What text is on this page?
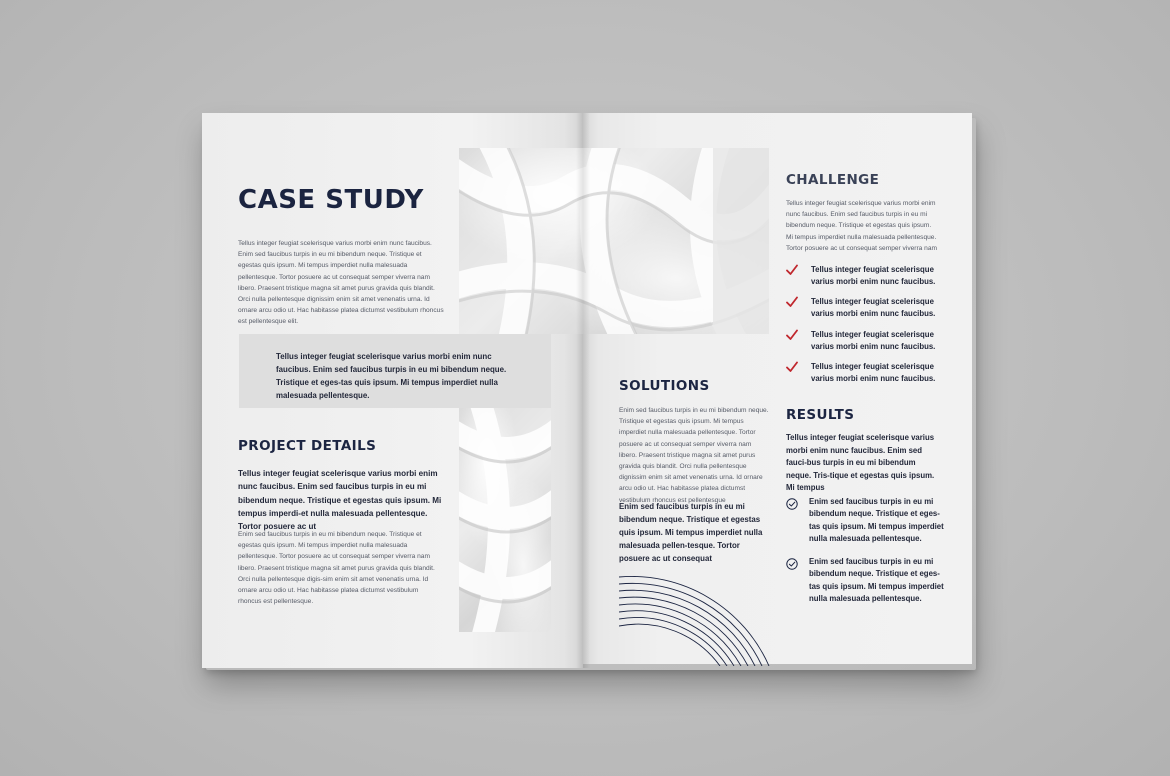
CASE STUDY

Tellus integer feugiat scelerisque varius morbi enim nunc faucibus. Enim sed faucibus turpis in eu mi bibendum neque. Tristique et egestas quis ipsum. Mi tempus imperdiet nulla malesuada pellentesque. Tortor posuere ac ut consequat semper viverra nam libero. Praesent tristique magna sit amet purus gravida quis blandit. Orci nulla pellentesque dignissim enim sit amet venenatis urna. Id ornare arcu odio ut. Hac habitasse platea dictumst vestibulum rhoncus est pellentesque elit.

Tellus integer feugiat scelerisque varius morbi enim nunc faucibus. Enim sed faucibus turpis in eu mi bibendum neque. Tristique et eges-tas quis ipsum. Mi tempus imperdiet nulla malesuada pellentesque.

PROJECT DETAILS

Tellus integer feugiat scelerisque varius morbi enim nunc faucibus. Enim sed faucibus turpis in eu mi bibendum neque. Tristique et egestas quis ipsum. Mi tempus imperdi-et nulla malesuada pellentesque. Tortor posuere ac ut

Enim sed faucibus turpis in eu mi bibendum neque. Tristique et egestas quis ipsum. Mi tempus imperdiet nulla malesuada pellentesque. Tortor posuere ac ut consequat semper viverra nam libero. Praesent tristique magna sit amet purus gravida quis blandit. Orci nulla pellentesque digis-sim enim sit amet venenatis urna. Id ornare arcu odio ut. Hac habitasse platea dictumst vestibulum rhoncus est pellentesque.

CHALLENGE

Tellus integer feugiat scelerisque varius morbi enim nunc faucibus. Enim sed faucibus turpis in eu mi bibendum neque. Tristique et egestas quis ipsum. Mi tempus imperdiet nulla malesuada pellentesque. Tortor posuere ac ut consequat semper viverra nam

Tellus integer feugiat scelerisque varius morbi enim nunc faucibus.
Tellus integer feugiat scelerisque varius morbi enim nunc faucibus.
Tellus integer feugiat scelerisque varius morbi enim nunc faucibus.
Tellus integer feugiat scelerisque varius morbi enim nunc faucibus.
SOLUTIONS

Enim sed faucibus turpis in eu mi bibendum neque. Tristique et egestas quis ipsum. Mi tempus imperdiet nulla malesuada pellentesque. Tortor posuere ac ut consequat semper viverra nam libero. Praesent tristique magna sit amet purus gravida quis blandit. Orci nulla pellentesque dignissim enim sit amet venenatis urna. Id ornare arcu odio ut. Hac habitasse platea dictumst vestibulum rhoncus est pellentesque

Enim sed faucibus turpis in eu mi bibendum neque. Tristique et egestas quis ipsum. Mi tempus imperdiet nulla malesuada pellen-tesque. Tortor posuere ac ut consequat

RESULTS

Tellus integer feugiat scelerisque varius morbi enim nunc faucibus. Enim sed fauci-bus turpis in eu mi bibendum neque. Tris-tique et egestas quis ipsum. Mi tempus

Enim sed faucibus turpis in eu mi bibendum neque. Tristique et eges-tas quis ipsum. Mi tempus imperdiet nulla malesuada pellentesque.
Enim sed faucibus turpis in eu mi bibendum neque. Tristique et eges-tas quis ipsum. Mi tempus imperdiet nulla malesuada pellentesque.
